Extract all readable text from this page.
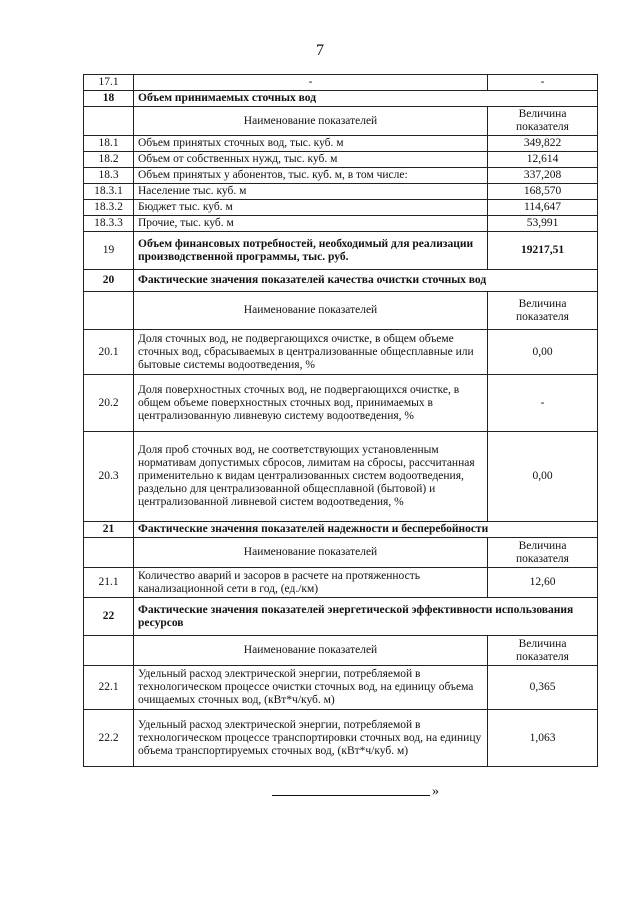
7
17.1	-	-
18	Объем принимаемых сточных вод	
	Наименование показателей	Величина показателя
18.1	Объем принятых сточных вод, тыс. куб. м	349,822
18.2	Объем от собственных нужд, тыс. куб. м	12,614
18.3	Объем принятых у абонентов, тыс. куб. м, в том числе:	337,208
18.3.1	Население тыс. куб. м	168,570
18.3.2	Бюджет тыс. куб. м	114,647
18.3.3	Прочие, тыс. куб. м	53,991
19	Объем финансовых потребностей, необходимый для реализации производственной программы, тыс. руб.	19217,51
20	Фактические значения показателей качества очистки сточных вод	
	Наименование показателей	Величина показателя
20.1	Доля сточных вод, не подвергающихся очистке, в общем объеме сточных вод, сбрасываемых в централизованные общесплавные или бытовые системы водоотведения, %	0,00
20.2	Доля поверхностных сточных вод, не подвергающихся очистке, в общем объеме поверхностных сточных вод, принимаемых в централизованную ливневую систему водоотведения, %	-
20.3	Доля проб сточных вод, не соответствующих установленным нормативам допустимых сбросов, лимитам на сбросы, рассчитанная применительно к видам централизованных систем водоотведения, раздельно для централизованной общесплавной (бытовой) и централизованной ливневой систем водоотведения, %	0,00
21	Фактические значения показателей надежности и бесперебойности	
	Наименование показателей	Величина показателя
21.1	Количество аварий и засоров в расчете на протяженность канализационной сети в год, (ед./км)	12,60
22	Фактические значения показателей энергетической эффективности использования ресурсов	
	Наименование показателей	Величина показателя
22.1	Удельный расход электрической энергии, потребляемой в технологическом процессе очистки сточных вод, на единицу объема очищаемых сточных вод, (кВт*ч/куб. м)	0,365
22.2	Удельный расход электрической энергии, потребляемой в технологическом процессе транспортировки сточных вод, на единицу объема транспортируемых сточных вод, (кВт*ч/куб. м)	1,063
»
